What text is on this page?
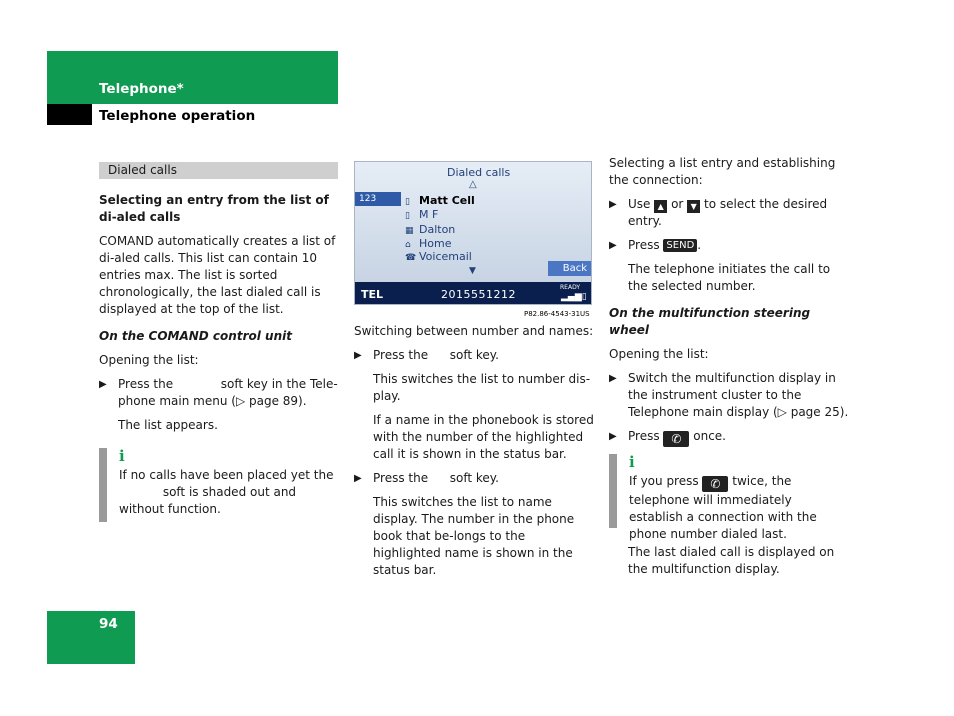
Telephone*
Telephone operation
Dialed calls

Selecting an entry from the list of di-aled calls

COMAND automatically creates a list of di-aled calls. This list can contain 10 entries max. The list is sorted chronologically, the last dialed call is displayed at the top of the list.

On the COMAND control unit

Opening the list:

▶ Press the	soft key in the Tele-phone main menu (▷ page 89).

The list appears.

i
If no calls have been placed yet the  soft is shaded out and without function.
Dialed calls
△
123	▯ Matt Cell
▯ M F
▦ Dalton
⌂ Home
☎ Voicemail
▼	Back
TEL	2015551212
READY
▂▄▆▯
P82.86-4543-31US

Switching between number and names:

▶ Press the soft key.

This switches the list to number dis-play.

If a name in the phonebook is stored with the number of the highlighted call it is shown in the status bar.

▶ Press the soft key.

This switches the list to name display. The number in the phone book that be-longs to the highlighted name is shown in the status bar.

Selecting a list entry and establishing the connection:

▶ Use ▲ or ▼ to select the desired entry.
▶ Press SEND .

The telephone initiates the call to the selected number.

On the multifunction steering wheel

Opening the list:

▶ Switch the multifunction display in the instrument cluster to the Telephone main display (▷ page 25).
▶ Press ✆ once.
i
If you press ✆ twice, the telephone will immediately establish a connection with the phone number dialed last.

The last dialed call is displayed on the multifunction display.

94
